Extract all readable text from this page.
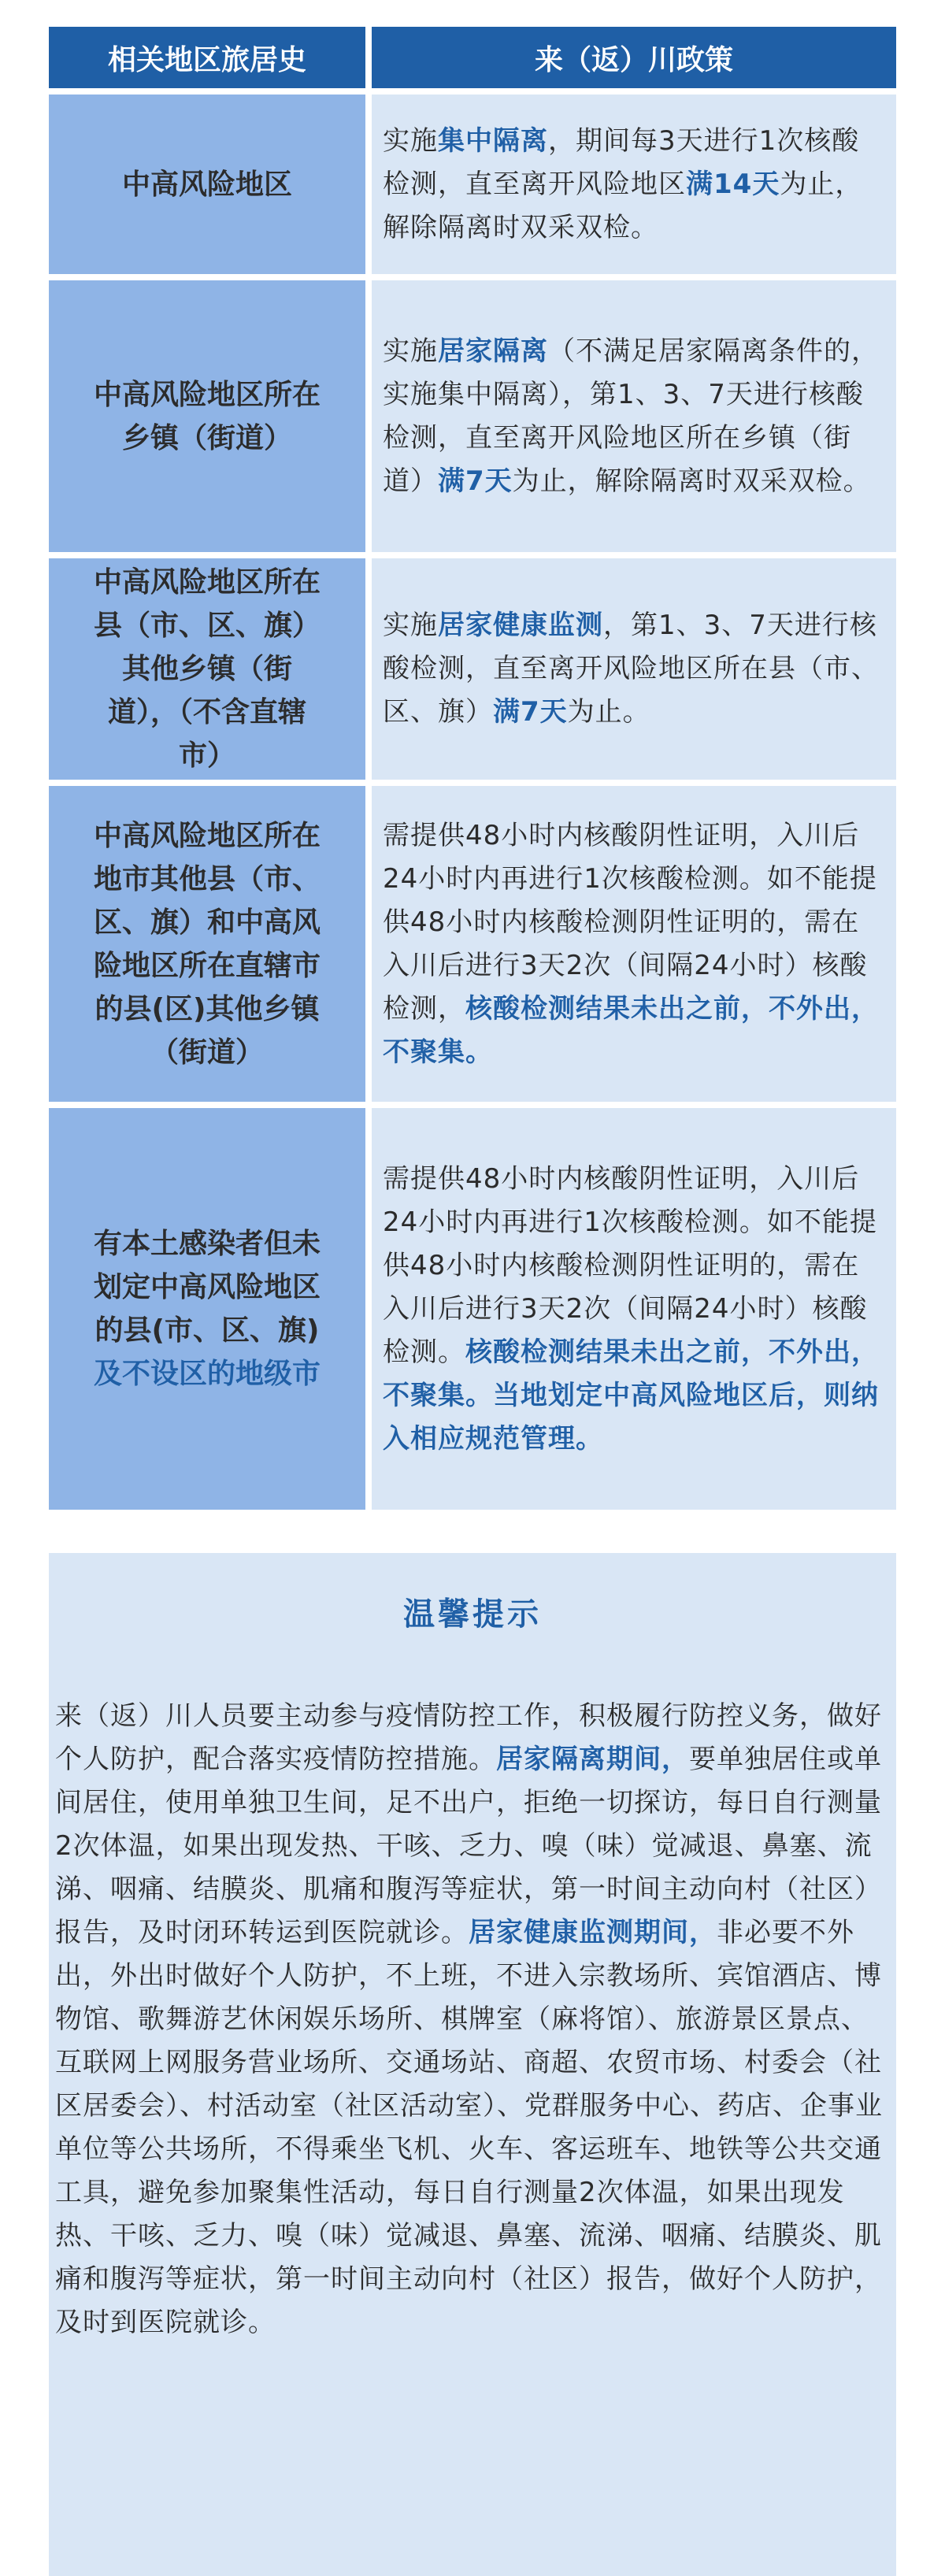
相关地区旅居史	来（返）川政策
中高风险地区
实施集中隔离，期间每3天进行1次核酸检测，直至离开风险地区满14天为止，解除隔离时双采双检。
中高风险地区所在
乡镇（街道）
实施居家隔离（不满足居家隔离条件的，实施集中隔离），第1、3、7天进行核酸检测，直至离开风险地区所在乡镇（街道）满7天为止，解除隔离时双采双检。
中高风险地区所在
县（市、区、旗）
其他乡镇（街
道），（不含直辖
市）
实施居家健康监测，第1、3、7天进行核酸检测，直至离开风险地区所在县（市、区、旗）满7天为止。
中高风险地区所在
地市其他县（市、
区、旗）和中高风
险地区所在直辖市
的县(区)其他乡镇
（街道）
需提供48小时内核酸阴性证明，入川后24小时内再进行1次核酸检测。如不能提供48小时内核酸检测阴性证明的，需在入川后进行3天2次（间隔24小时）核酸检测，核酸检测结果未出之前，不外出，不聚集。
有本土感染者但未
划定中高风险地区
的县(市、区、旗)
及不设区的地级市
需提供48小时内核酸阴性证明，入川后24小时内再进行1次核酸检测。如不能提供48小时内核酸检测阴性证明的，需在入川后进行3天2次（间隔24小时）核酸检测。核酸检测结果未出之前，不外出，不聚集。当地划定中高风险地区后，则纳入相应规范管理。
温馨提示
来（返）川人员要主动参与疫情防控工作，积极履行防控义务，做好个人防护，配合落实疫情防控措施。居家隔离期间，要单独居住或单间居住，使用单独卫生间，足不出户，拒绝一切探访，每日自行测量2次体温，如果出现发热、干咳、乏力、嗅（味）觉减退、鼻塞、流涕、咽痛、结膜炎、肌痛和腹泻等症状，第一时间主动向村（社区）报告，及时闭环转运到医院就诊。居家健康监测期间，非必要不外出，外出时做好个人防护，不上班，不进入宗教场所、宾馆酒店、博物馆、歌舞游艺休闲娱乐场所、棋牌室（麻将馆）、旅游景区景点、互联网上网服务营业场所、交通场站、商超、农贸市场、村委会（社区居委会）、村活动室（社区活动室）、党群服务中心、药店、企事业单位等公共场所，不得乘坐飞机、火车、客运班车、地铁等公共交通工具，避免参加聚集性活动，每日自行测量2次体温，如果出现发热、干咳、乏力、嗅（味）觉减退、鼻塞、流涕、咽痛、结膜炎、肌痛和腹泻等症状，第一时间主动向村（社区）报告，做好个人防护，及时到医院就诊。
